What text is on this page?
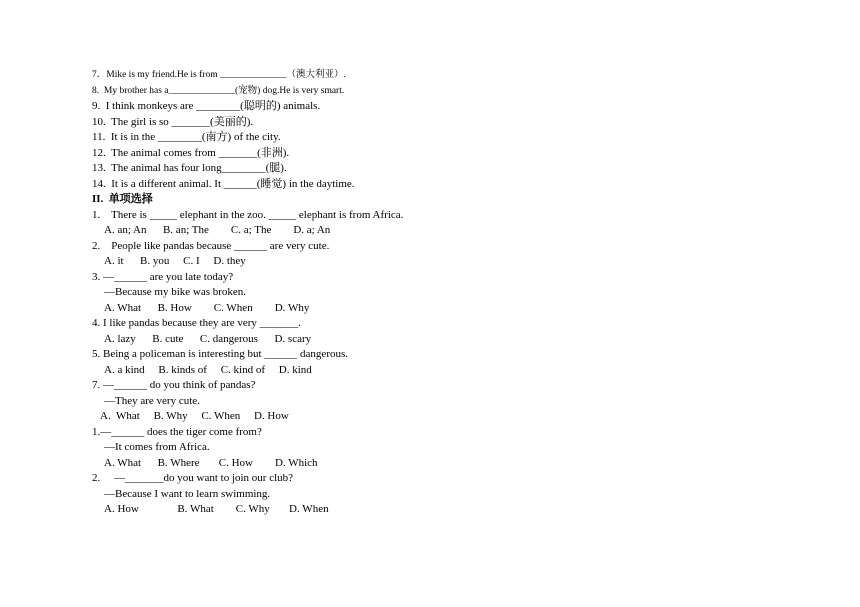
7．Mike is my friend.He is from ______________（澳大利亚）.
8.  My brother has a______________(宠物) dog.He is very smart.
9.  I think monkeys are ________(聪明的) animals.
10.  The girl is so _______(美丽的).
11.  It is in the ________(南方) of the city.
12.  The animal comes from _______(非洲).
13.  The animal has four long________(腿).
14.  It is a different animal. It ______(睡觉) in the daytime.
II.  单项选择
1.    There is _____ elephant in the zoo. _____ elephant is from Africa.
A. an; An      B. an; The        C. a; The        D. a; An
2.    People like pandas because ______ are very cute.
A. it      B. you     C. I     D. they
3. —______ are you late today?
—Because my bike was broken.
A. What      B. How        C. When        D. Why
4. I like pandas because they are very _______.
A. lazy      B. cute      C. dangerous      D. scary
5. Being a policeman is interesting but ______ dangerous.
A. a kind     B. kinds of     C. kind of     D. kind
7. —______ do you think of pandas?
—They are very cute.
A.  What     B. Why     C. When     D. How
1.—______ does the tiger come from?
—It comes from Africa.
A. What      B. Where       C. How        D. Which
2.     —_______do you want to join our club?
—Because I want to learn swimming.
A. How              B. What        C. Why       D. When
